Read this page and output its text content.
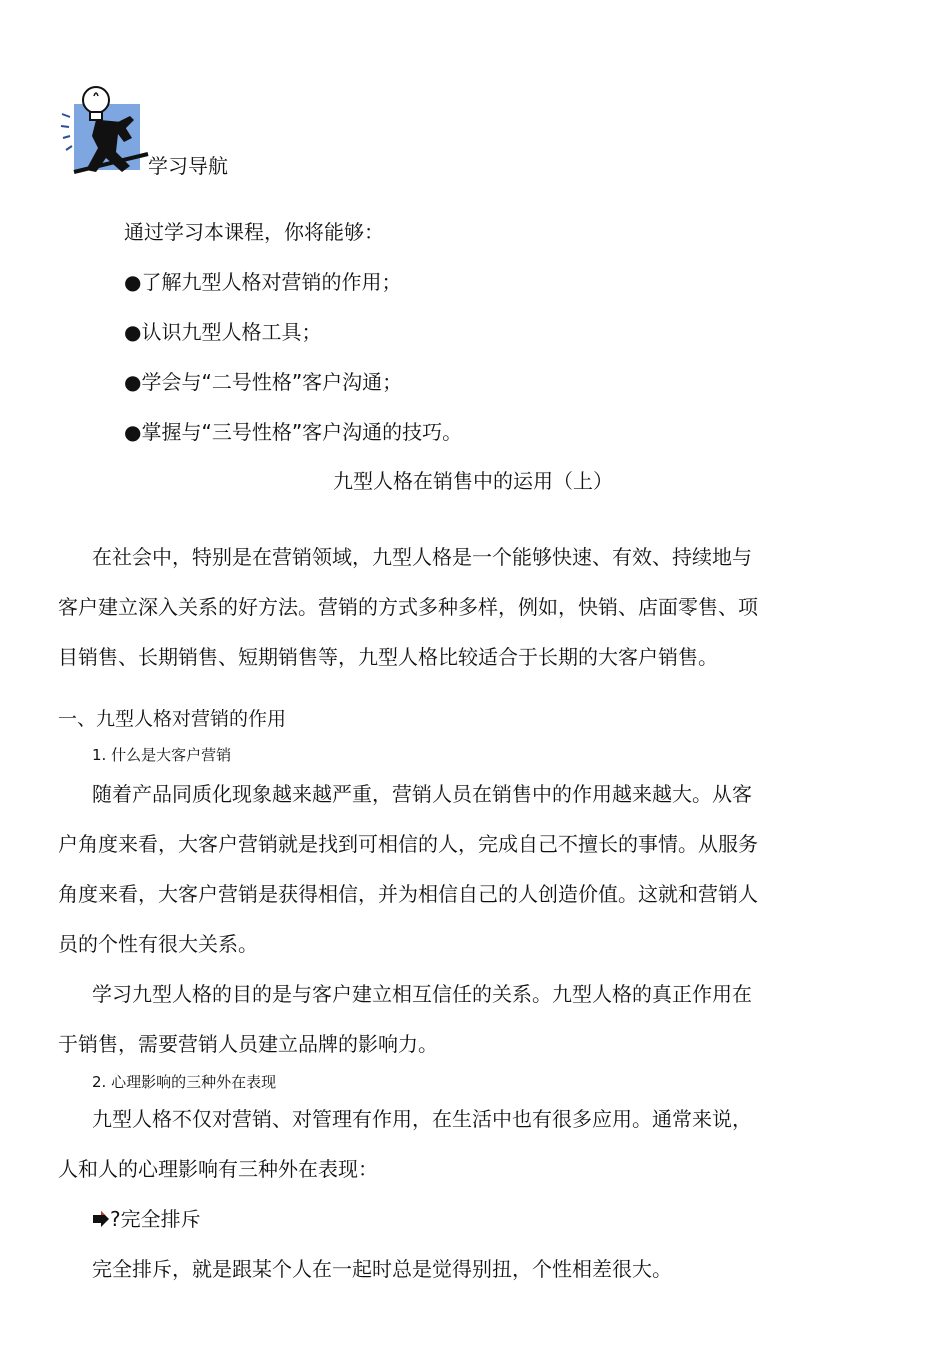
学习导航
通过学习本课程，你将能够：
●了解九型人格对营销的作用；
●认识九型人格工具；
●学会与“二号性格”客户沟通；
●掌握与“三号性格”客户沟通的技巧。
九型人格在销售中的运用（上）
在社会中，特别是在营销领域，九型人格是一个能够快速、有效、持续地与
客户建立深入关系的好方法。营销的方式多种多样，例如，快销、店面零售、项
目销售、长期销售、短期销售等，九型人格比较适合于长期的大客户销售。
一、九型人格对营销的作用
1. 什么是大客户营销
随着产品同质化现象越来越严重，营销人员在销售中的作用越来越大。从客
户角度来看，大客户营销就是找到可相信的人，完成自己不擅长的事情。从服务
角度来看，大客户营销是获得相信，并为相信自己的人创造价值。这就和营销人
员的个性有很大关系。
学习九型人格的目的是与客户建立相互信任的关系。九型人格的真正作用在
于销售，需要营销人员建立品牌的影响力。
2. 心理影响的三种外在表现
九型人格不仅对营销、对管理有作用，在生活中也有很多应用。通常来说，
人和人的心理影响有三种外在表现：
?完全排斥
完全排斥，就是跟某个人在一起时总是觉得别扭，个性相差很大。
